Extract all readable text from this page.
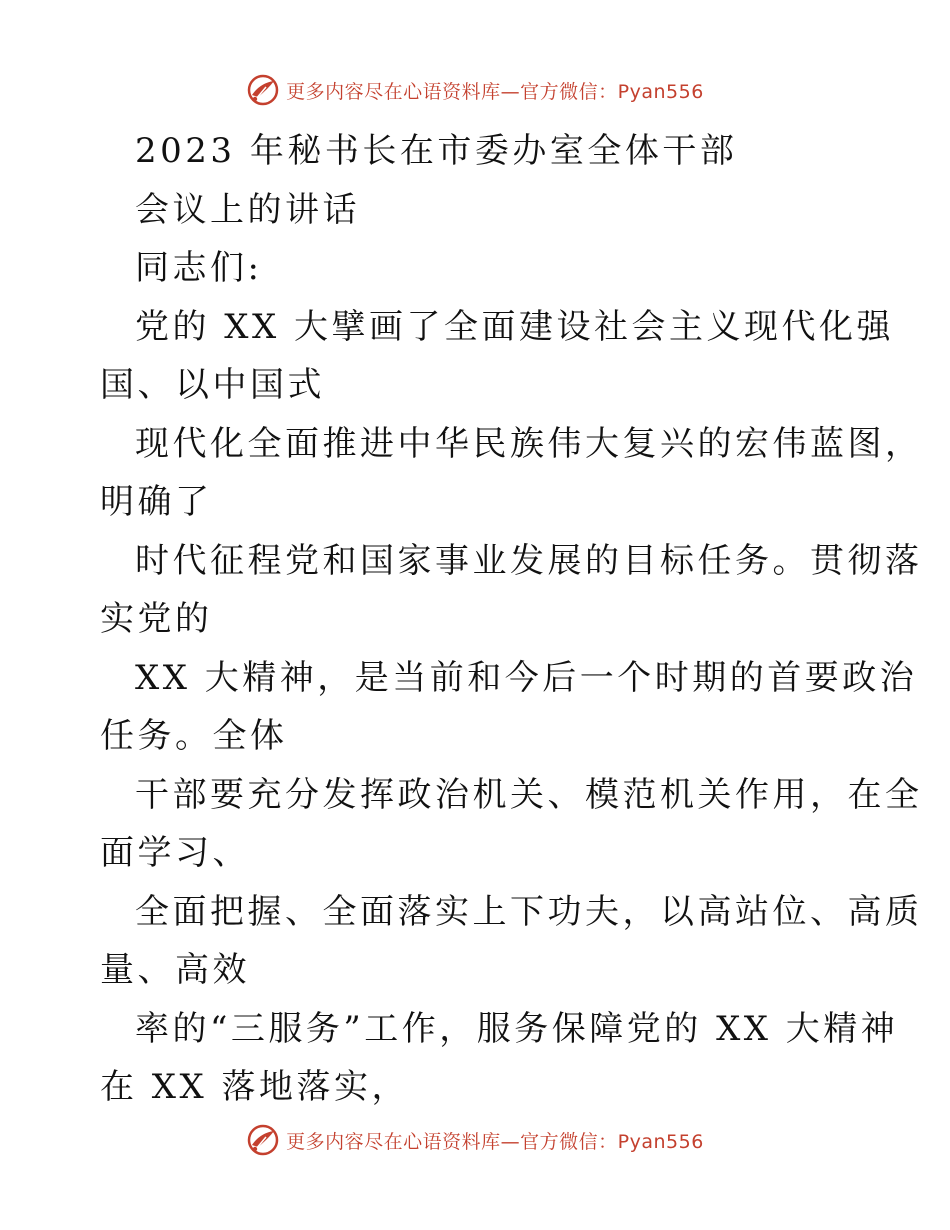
更多内容尽在心语资料库—官方微信：Pyan556
2023 年秘书长在市委办室全体干部
会议上的讲话
同志们:
党的 XX 大擘画了全面建设社会主义现代化强
国、以中国式
现代化全面推进中华民族伟大复兴的宏伟蓝图，
明确了
时代征程党和国家事业发展的目标任务。贯彻落
实党的
XX 大精神，是当前和今后一个时期的首要政治
任务。全体
干部要充分发挥政治机关、模范机关作用，在全
面学习、
全面把握、全面落实上下功夫，以高站位、高质
量、高效
率的“三服务”工作，服务保障党的 XX 大精神
在 XX 落地落实，
更多内容尽在心语资料库—官方微信：Pyan556
